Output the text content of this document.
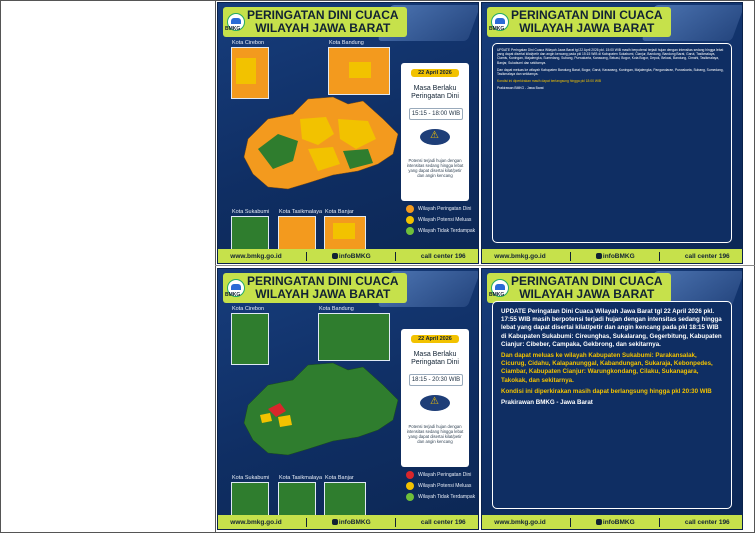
PERINGATAN DINI CUACA
WILAYAH JAWA BARAT
BMKG
Kota Cirebon	Kota Bandung
Kota Sukabumi Kota Tasikmalaya Kota Banjar
22 April 2026
Masa Berlaku Peringatan Dini
15:15 - 18:00 WIB
⚠
Potensi terjadi hujan dengan intensitas sedang hingga lebat yang dapat disertai kilat/petir dan angin kencang
Wilayah Peringatan Dini
Wilayah Potensi Meluas
Wilayah Tidak Terdampak
www.bmkg.go.id	infoBMKG	call center 196
PERINGATAN DINI CUACA
WILAYAH JAWA BARAT
BMKG

UPDATE Peringatan Dini Cuaca Wilayah Jawa Barat tgl 22 April 2026 pkl. 15:00 WIB masih berpotensi terjadi hujan dengan intensitas sedang hingga lebat yang dapat disertai kilat/petir dan angin kencang pada pkl 15:15 WIB di Kabupaten Sukabumi, Cianjur, Bandung, Bandung Barat, Garut, Tasikmalaya, Ciamis, Kuningan, Majalengka, Sumedang, Subang, Purwakarta, Karawang, Bekasi, Bogor, Kota Bogor, Depok, Bekasi, Bandung, Cimahi, Tasikmalaya, Banjar, Sukabumi dan sekitarnya.

Dan dapat meluas ke wilayah Kabupaten Bandung Barat, Bogor, Garut, Karawang, Kuningan, Majalengka, Pangandaran, Purwakarta, Subang, Sumedang, Tasikmalaya dan sekitarnya.

Kondisi ini diperkirakan masih dapat berlangsung hingga pkl 18:00 WIB

Prakirawan BMKG - Jawa Barat

www.bmkg.go.id	infoBMKG	call center 196
PERINGATAN DINI CUACA
WILAYAH JAWA BARAT
BMKG
Kota Cirebon	Kota Bandung
Kota Sukabumi Kota Tasikmalaya Kota Banjar
22 April 2026
Masa Berlaku Peringatan Dini
18:15 - 20:30 WIB
⚠
Potensi terjadi hujan dengan intensitas sedang hingga lebat yang dapat disertai kilat/petir dan angin kencang
Wilayah Peringatan Dini
Wilayah Potensi Meluas
Wilayah Tidak Terdampak
www.bmkg.go.id	infoBMKG	call center 196
PERINGATAN DINI CUACA
WILAYAH JAWA BARAT
BMKG

UPDATE Peringatan Dini Cuaca Wilayah Jawa Barat tgl 22 April 2026 pkl. 17:55 WIB masih berpotensi terjadi hujan dengan intensitas sedang hingga lebat yang dapat disertai kilat/petir dan angin kencang pada pkl 18:15 WIB di Kabupaten Sukabumi: Cireunghas, Sukalarang, Gegerbitung, Kabupaten Cianjur: Cibeber, Campaka, Gekbrong, dan sekitarnya.

Dan dapat meluas ke wilayah Kabupaten Sukabumi: Parakansalak, Cicurug, Cidahu, Kalapanunggal, Kabandungan, Sukaraja, Kebonpedes, Ciambar, Kabupaten Cianjur: Warungkondang, Cilaku, Sukanagara, Takokak, dan sekitarnya.

Kondisi ini diperkirakan masih dapat berlangsung hingga pkl 20:30 WIB

Prakirawan BMKG - Jawa Barat

www.bmkg.go.id	infoBMKG	call center 196
